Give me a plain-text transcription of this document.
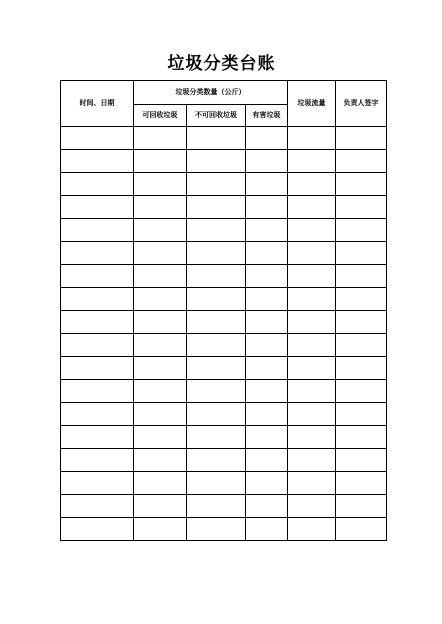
垃圾分类台账
时间、日期	垃圾分类数量（公斤）			垃圾流量	负责人签字
	可回收垃圾	不可回收垃圾	有害垃圾		
